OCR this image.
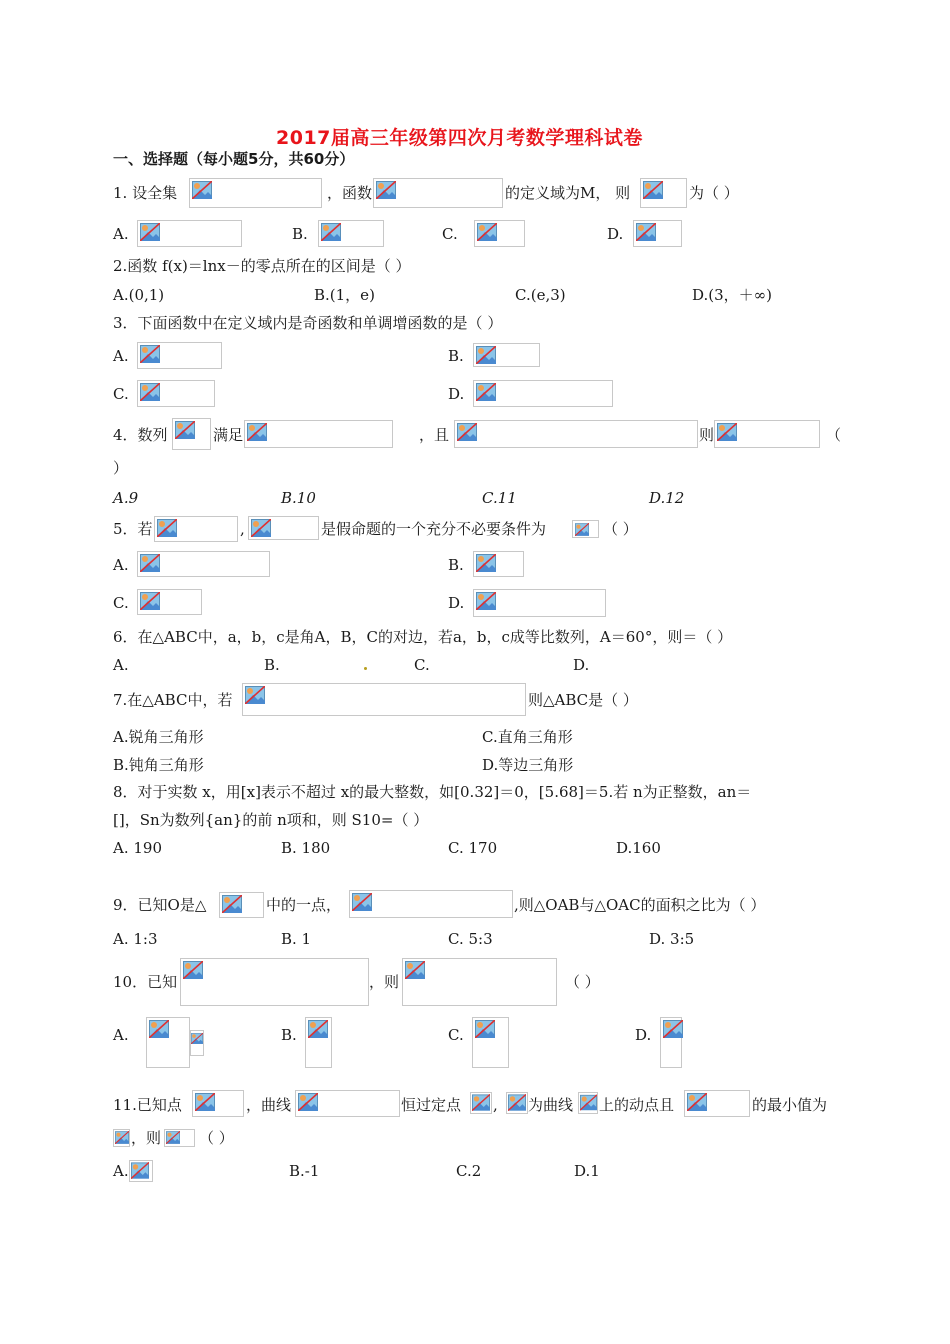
2017届高三年级第四次月考数学理科试卷
一、选择题（每小题5分，共60分）
1. 设全集	，函数	的定义域为M， 则	为（ ）
A.	B.	C.	D.
2.函数 f(x)＝lnx－的零点所在的区间是（ ）
A.(0,1)	B.(1，e)	C.(e,3)	D.(3，＋∞)
3．下面函数中在定义域内是奇函数和单调增函数的是（ ）
A.	B.
C.	D.
4．数列	满足	，且	则	（
）
A.9	B.10	C.11	D.12
5．若	,	是假命题的一个充分不必要条件为	（ ）
A.	B.
C.	D.
6．在△ABC中，a，b，c是角A，B，C的对边，若a，b，c成等比数列，A＝60°，则＝（ ）
A.	B.	C.	D.
7.在△ABC中，若	则△ABC是（ ）
A.锐角三角形	C.直角三角形
B.钝角三角形	D.等边三角形
8．对于实数 x，用[x]表示不超过 x的最大整数，如[0.32]＝0，[5.68]＝5.若 n为正整数，an＝
[]，Sn为数列{an}的前 n项和，则 S10=（ ）
A. 190	B. 180	C. 170	D.160
9．已知O是△	中的一点，	,则△OAB与△OAC的面积之比为（ ）
A. 1:3	B. 1	C. 5:3	D. 3:5
10．已知	，则	（ ）
A.	B.	C.	D.
11.已知点	，曲线	恒过定点 , 为曲线 上的动点且	的最小值为
，则	（ ）
A.	B.-1	C.2	D.1
